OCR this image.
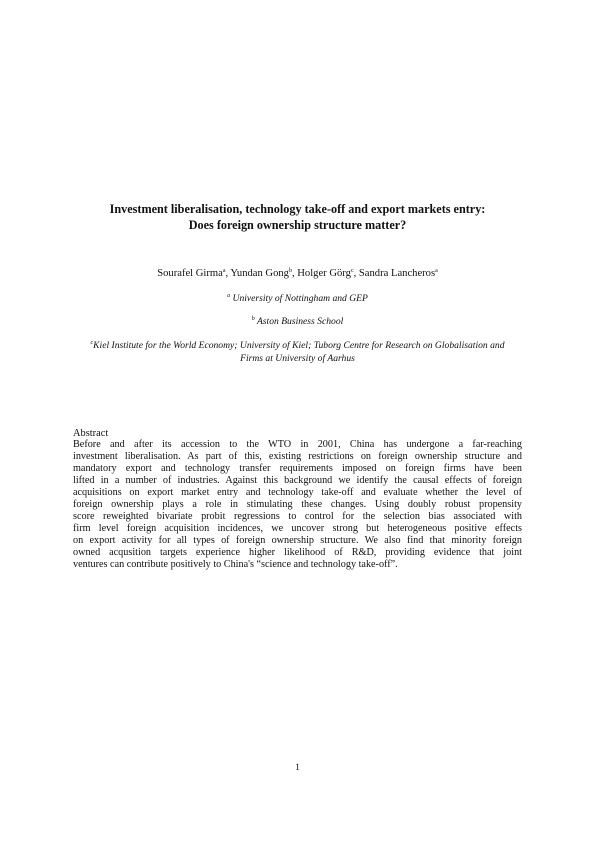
Investment liberalisation, technology take-off and export markets entry:
Does foreign ownership structure matter?
Sourafel Girma$^a$, Yundan Gong$^b$, Holger Görg$^c$, Sandra Lancheros$^a$
$^a$ University of Nottingham and GEP
$^b$ Aston Business School
$^c$Kiel Institute for the World Economy; University of Kiel; Tuborg Centre for Research on Globalisation and
Firms at University of Aarhus
Abstract
Before and after its accession to the WTO in 2001, China has undergone a far-reaching
investment liberalisation. As part of this, existing restrictions on foreign ownership structure and
mandatory export and technology transfer requirements imposed on foreign firms have been
lifted in a number of industries. Against this background we identify the causal effects of foreign
acquisitions on export market entry and technology take-off and evaluate whether the level of
foreign ownership plays a role in stimulating these changes. Using doubly robust propensity
score reweighted bivariate probit regressions to control for the selection bias associated with
firm level foreign acquisition incidences, we uncover strong but heterogeneous positive effects
on export activity for all types of foreign ownership structure. We also find that minority foreign
owned acqusition targets experience higher likelihood of R&D, providing evidence that joint
ventures can contribute positively to China's “science and technology take-off”.
1
